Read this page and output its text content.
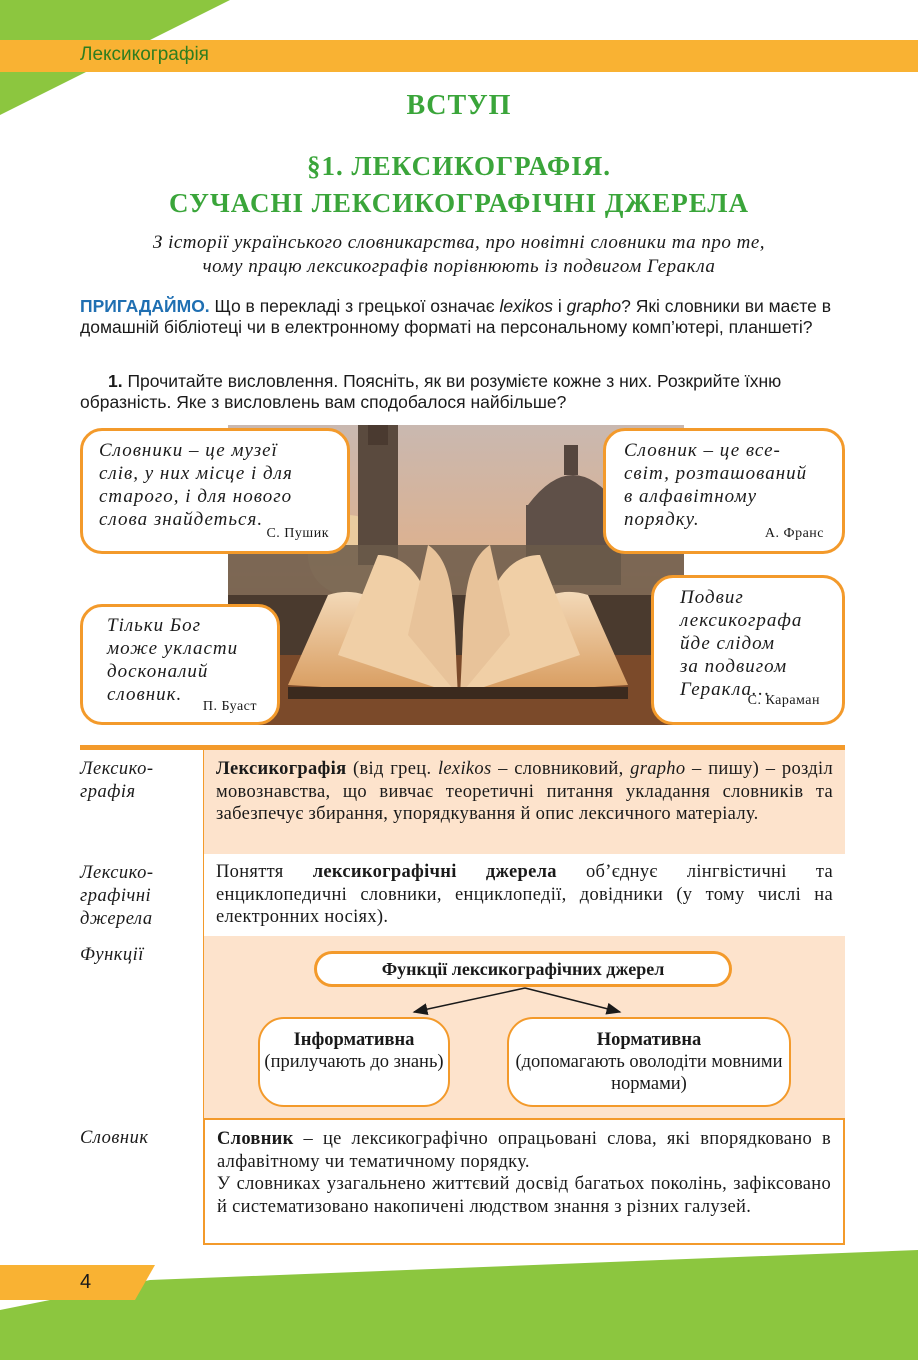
Лексикографія
ВСТУП
§1. ЛЕКСИКОГРАФІЯ.
СУЧАСНІ ЛЕКСИКОГРАФІЧНІ ДЖЕРЕЛА
З історії українського словникарства, про новітні словники та про те,
чому працю лексикографів порівнюють із подвигом Геракла
ПРИГАДАЙМО. Що в перекладі з грецької означає lexikos і grapho? Які словники ви маєте в домашній бібліотеці чи в електронному форматі на персональному комп’ютері, планшеті?
1. Прочитайте висловлення. Поясніть, як ви розумієте кожне з них. Розкрийте їхню образність. Яке з висловлень вам сподобалося найбільше?
Словники – це музеї
слів, у них місце і для
старого, і для нового
слова знайдеться.
С. Пушик
Словник – це все-
світ, розташований
в алфавітному
порядку.
А. Франс
Тільки Бог
може укласти
досконалий
словник.
П. Буаст
Подвиг
лексикографа
йде слідом
за подвигом
Геракла…
С. Караман
Лексико-
графія
Лексикографія (від грец. lexikos – словниковий, grapho – пишу) – розділ мовознавства, що вивчає теоретичні питання укладання словників та забезпечує збирання, упорядкування й опис лексичного матеріалу.
Лексико-
графічні
джерела
Поняття лексикографічні джерела об’єднує лінгвістичні та енциклопедичні словники, енциклопедії, довідники (у тому числі на електронних носіях).
Функції
Функції лексикографічних джерел
Інформативна
(прилучають до знань)
Нормативна
(допомагають оволодіти мовними нормами)
Словник	Словник – це лексикографічно опрацьовані слова, які впорядковано в алфавітному чи тематичному порядку.
У словниках узагальнено життєвий досвід багатьох поколінь, зафіксовано й систематизовано накопичені людством знання з різних галузей.
4
